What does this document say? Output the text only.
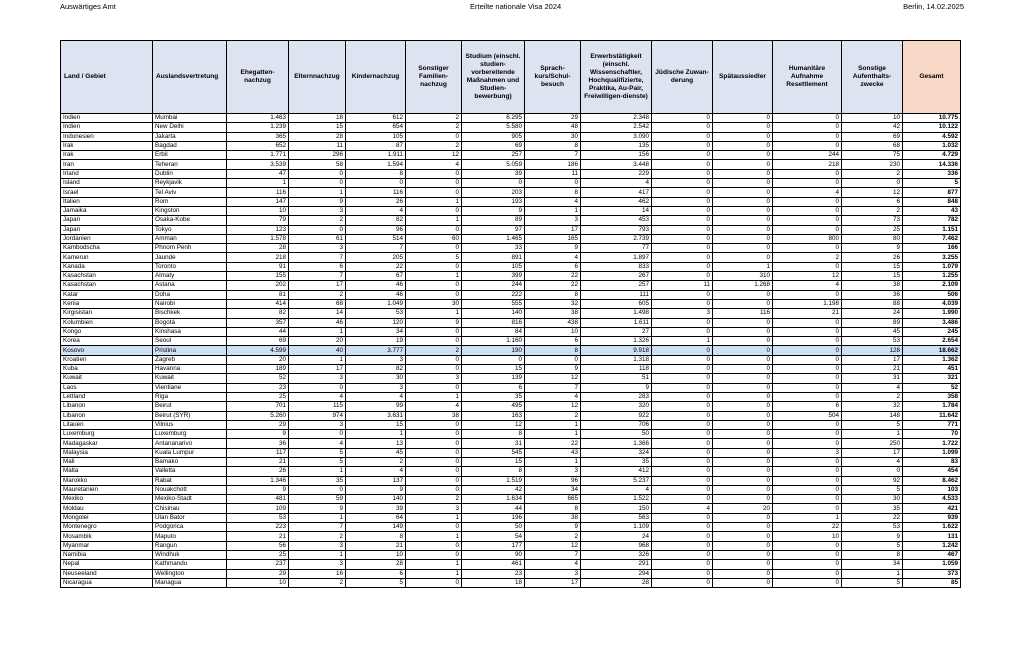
Auswärtiges Amt	Erteilte nationale Visa 2024	Berlin, 14.02.2025
Land / Gebiet	Auslandsvertretung	Ehegatten-nachzug	Elternnachzug	Kindernachzug	Sonstiger Familien-nachzug	Studium (einschl. studien-vorbereitende Maßnahmen und Studien-bewerbung)	Sprach-kurs/Schul-besuch	Erwerbstätigkeit (einschl. Wissenschaftler, Hochqualifizierte, Praktika, Au-Pair, Freiwilligen-dienste)	Jüdische Zuwan-derung	Spätaussiedler	Humanitäre Aufnahme Resettlement	Sonstige Aufenthalts-zwecke	Gesamt
Indien	Mumbai	1.463	18	612	2	6.295	29	2.348	0	0	0	10	10.775
Indien	New Delhi	1.239	15	654	2	5.580	48	2.542	0	0	0	42	10.122
Indonesien	Jakarta	365	28	105	0	905	30	3.090	0	0	0	69	4.592
Irak	Bagdad	652	11	87	2	69	8	135	0	0	0	68	1.032
Irak	Erbil	1.771	296	1.911	12	257	7	156	0	0	244	75	4.729
Iran	Teheran	3.539	58	1.594	4	5.059	186	3.448	0	0	218	230	14.336
Irland	Dublin	47	0	8	0	39	11	229	0	0	0	2	336
Island	Reykjavik	1	0	0	0	0	0	4	0	0	0	0	5
Israel	Tel Aviv	116	1	116	0	203	8	417	0	0	4	12	877
Italien	Rom	147	9	26	1	193	4	462	0	0	0	6	848
Jamaika	Kingston	10	3	4	0	9	1	14	0	0	0	2	43
Japan	Osaka-Kobe	79	2	82	1	89	3	453	0	0	0	73	782
Japan	Tokyo	123	0	96	0	97	17	793	0	0	0	25	1.151
Jordanien	Amman	1.578	61	514	60	1.465	165	2.739	0	0	800	80	7.462
Kambodscha	Phnom Penh	28	3	7	0	33	9	77	0	0	0	9	166
Kamerun	Jaunde	218	7	205	5	891	4	1.897	0	0	2	26	3.255
Kanada	Toronto	91	6	22	0	105	6	833	0	1	0	15	1.079
Kasachstan	Almaty	155	7	67	1	399	22	267	0	310	12	15	1.255
Kasachstan	Astana	202	17	46	0	244	22	257	11	1.268	4	38	2.109
Katar	Doha	81	2	46	0	222	8	111	0	0	0	36	506
Kenia	Nairobi	414	68	1.049	30	555	32	605	0	0	1.198	88	4.039
Kirgisistan	Bischkek	82	14	53	1	140	38	1.498	3	116	21	24	1.990
Kolumbien	Bogotá	357	46	120	9	816	438	1.611	0	0	0	89	3.486
Kongo	Kinshasa	44	1	34	0	84	10	27	0	0	0	45	245
Korea	Seoul	69	20	19	0	1.160	6	1.326	1	0	0	53	2.654
Kosovo	Pristina	4.599	40	3.777	2	190	8	9.918	0	0	0	128	18.662
Kroatien	Zagreb	20	1	3	0	0	0	1.318	0	0	0	17	1.362
Kuba	Havanna	189	17	82	0	15	9	118	0	0	0	21	451
Kuwait	Kuwait	52	3	30	3	139	12	51	0	0	0	31	321
Laos	Vientiane	23	0	3	0	6	7	9	0	0	0	4	52
Lettland	Riga	25	4	4	1	35	4	283	0	0	0	2	358
Libanon	Beirut	701	115	99	4	495	12	320	0	0	6	32	1.784
Libanon	Beirut (SYR)	5.260	974	3.631	38	163	2	922	0	0	504	148	11.642
Litauen	Vilnius	29	3	15	0	12	1	706	0	0	0	5	771
Luxemburg	Luxemburg	9	0	1	0	8	1	50	0	0	0	1	70
Madagaskar	Antananarivo	36	4	13	0	31	22	1.366	0	0	0	250	1.722
Malaysia	Kuala Lumpur	117	5	45	0	545	43	324	0	0	3	17	1.099
Mali	Bamako	21	5	2	0	15	1	35	0	0	0	4	83
Malta	Valletta	26	1	4	0	8	3	412	0	0	0	0	454
Marokko	Rabat	1.346	35	137	0	1.519	96	5.237	0	0	0	92	8.462
Mauretanien	Nouakchott	9	0	9	0	42	34	4	0	0	0	5	103
Mexiko	Mexiko-Stadt	481	59	140	2	1.634	665	1.522	0	0	0	30	4.533
Moldau	Chisinau	109	9	39	3	44	8	150	4	20	0	35	421
Mongolei	Ulan Bator	53	1	64	1	196	38	563	0	0	1	22	939
Montenegro	Podgorica	223	7	149	0	50	9	1.109	0	0	22	53	1.622
Mosambik	Maputo	21	2	8	1	54	2	24	0	0	10	9	131
Myanmar	Rangun	56	3	21	0	177	12	968	0	0	0	5	1.242
Namibia	Windhuk	25	1	10	0	90	7	326	0	0	0	8	467
Nepal	Kathmandu	237	3	28	1	461	4	291	0	0	0	34	1.059
Neuseeland	Wellington	29	16	6	1	23	3	294	0	0	0	1	373
Nicaragua	Managua	10	2	5	0	18	17	28	0	0	0	5	85
